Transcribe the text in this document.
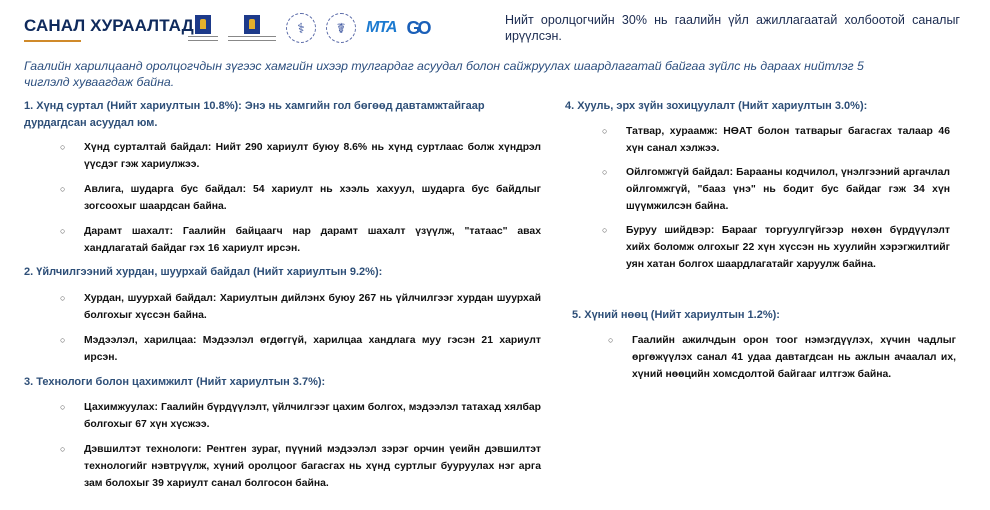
САНАЛ ХУРААЛТАД	⚕	☤	MTA GO	Нийт оролцогчийн 30% нь гаалийн үйл ажиллагаатай холбоотой саналыг ирүүлсэн.
Гаалийн харилцаанд оролцогчдын зүгээс хамгийн ихээр тулгардаг асуудал болон сайжруулах шаардлагатай байгаа зүйлс нь дараах нийтлэг 5 чиглэлд хуваагдаж байна.
1. Хүнд суртал (Нийт хариултын 10.8%): Энэ нь хамгийн гол бөгөөд давтамжтайгаар дурдагдсан асуудал юм.
○	Хүнд сурталтай байдал: Нийт 290 хариулт буюу 8.6% нь хүнд суртлаас болж хүндрэл үүсдэг гэж хариулжээ.
○	Авлига, шударга бус байдал: 54 хариулт нь хээль хахуул, шударга бус байдлыг зогсоохыг шаардсан байна.
○	Дарамт шахалт: Гаалийн байцаагч нар дарамт шахалт үзүүлж, "татаас" авах хандлагатай байдаг гэх 16 хариулт ирсэн.
2. Үйлчилгээний хурдан, шуурхай байдал (Нийт хариултын 9.2%):
○	Хурдан, шуурхай байдал: Хариултын дийлэнх буюу 267 нь үйлчилгээг хурдан шуурхай болгохыг хүссэн байна.
○	Мэдээлэл, харилцаа: Мэдээлэл өгдөггүй, харилцаа хандлага муу гэсэн 21 хариулт ирсэн.
3. Технологи болон цахимжилт (Нийт хариултын 3.7%):
○	Цахимжуулах: Гаалийн бүрдүүлэлт, үйлчилгээг цахим болгох, мэдээлэл татахад хялбар болгохыг 67 хүн хүсжээ.
○	Дэвшилтэт технологи: Рентген зураг, пүүний мэдээлэл зэрэг орчин үеийн дэвшилтэт технологийг нэвтрүүлж, хүний оролцоог багасгах нь хүнд суртлыг бууруулах нэг арга зам болохыг 39 хариулт санал болгосон байна.
4. Хууль, эрх зүйн зохицуулалт (Нийт хариултын 3.0%):
○	Татвар, хураамж: НӨАТ болон татварыг багасгах талаар 46 хүн санал хэлжээ.
○	Ойлгомжгүй байдал: Барааны кодчилол, үнэлгээний аргачлал ойлгомжгүй, "бааз үнэ" нь бодит бус байдаг гэж 34 хүн шүүмжилсэн байна.
○	Буруу шийдвэр: Барааг торгуулгүйгээр нөхөн бүрдүүлэлт хийх боломж олгохыг 22 хүн хүссэн нь хуулийн хэрэгжилтийг уян хатан болгох шаардлагатайг харуулж байна.
5. Хүний нөөц (Нийт хариултын 1.2%):
○	Гаалийн ажилчдын орон тоог нэмэгдүүлэх, хүчин чадлыг өргөжүүлэх санал 41 удаа давтагдсан нь ажлын ачаалал их, хүний нөөцийн хомсдолтой байгааг илтгэж байна.
